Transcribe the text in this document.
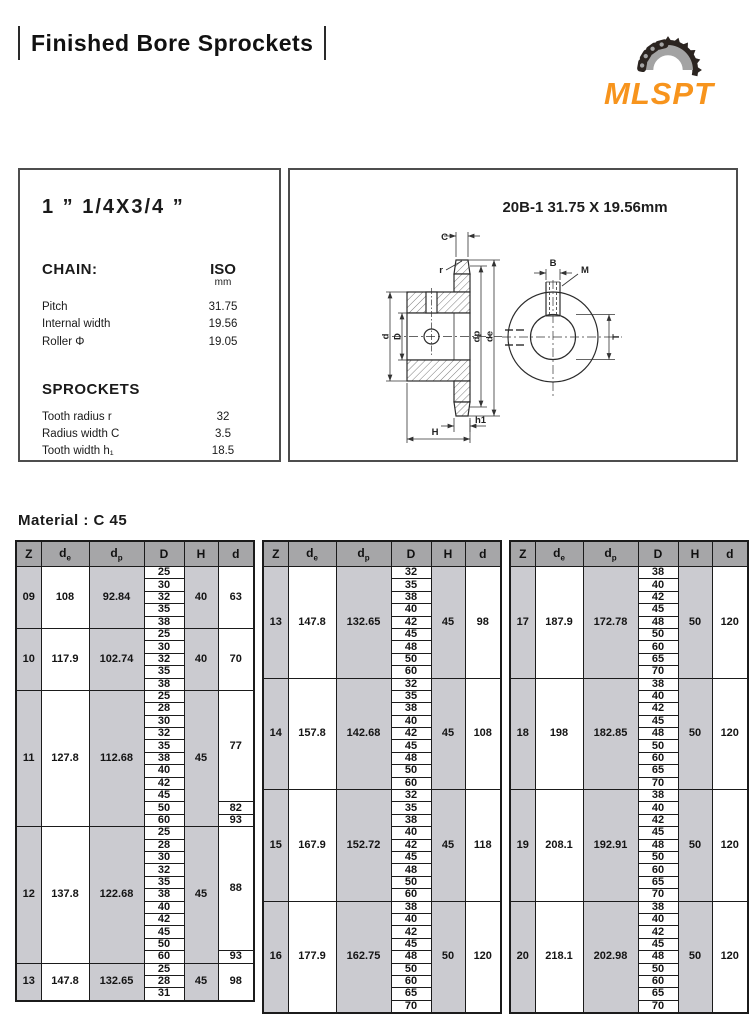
Finished Bore Sprockets
MLSPT
1 ” 1/4X3/4 ”
CHAIN:	ISO
mm
Pitch	31.75
Internal width	19.56
Roller Φ	19.05
SPROCKETS
Tooth radius r	32
Radius width C	3.5
Tooth width h₁	18.5
20B-1 31.75 X 19.56mm
C
r
d D	dp de
h1
H
B
M
T
Material : C 45
Z	$d_e$	$d_p$	D	H	d
09	108	92.84	25	40	63
			30		
			32		
			35		
			38		
10	117.9	102.74	25	40	70
			30		
			32		
			35		
			38		
11	127.8	112.68	25	45	77
			28		
			30		
			32		
			35		
			38		
			40		
			42		
			45		
			50		82
			60		93
12	137.8	122.68	25	45	88
			28		
			30		
			32		
			35		
			38		
			40		
			42		
			45		
			50		
			60		93
13	147.8	132.65	25	45	98
			28		
			31		
Z	$d_e$	$d_p$	D	H	d
13	147.8	132.65	32	45	98
			35		
			38		
			40		
			42		
			45		
			48		
			50		
			60		
14	157.8	142.68	32	45	108
			35		
			38		
			40		
			42		
			45		
			48		
			50		
			60		
15	167.9	152.72	32	45	118
			35		
			38		
			40		
			42		
			45		
			48		
			50		
			60		
16	177.9	162.75	38	50	120
			40		
			42		
			45		
			48		
			50		
			60		
			65		
			70		
Z	$d_e$	$d_p$	D	H	d
17	187.9	172.78	38	50	120
			40		
			42		
			45		
			48		
			50		
			60		
			65		
			70		
18	198	182.85	38	50	120
			40		
			42		
			45		
			48		
			50		
			60		
			65		
			70		
19	208.1	192.91	38	50	120
			40		
			42		
			45		
			48		
			50		
			60		
			65		
			70		
20	218.1	202.98	38	50	120
			40		
			42		
			45		
			48		
			50		
			60		
			65		
			70		
